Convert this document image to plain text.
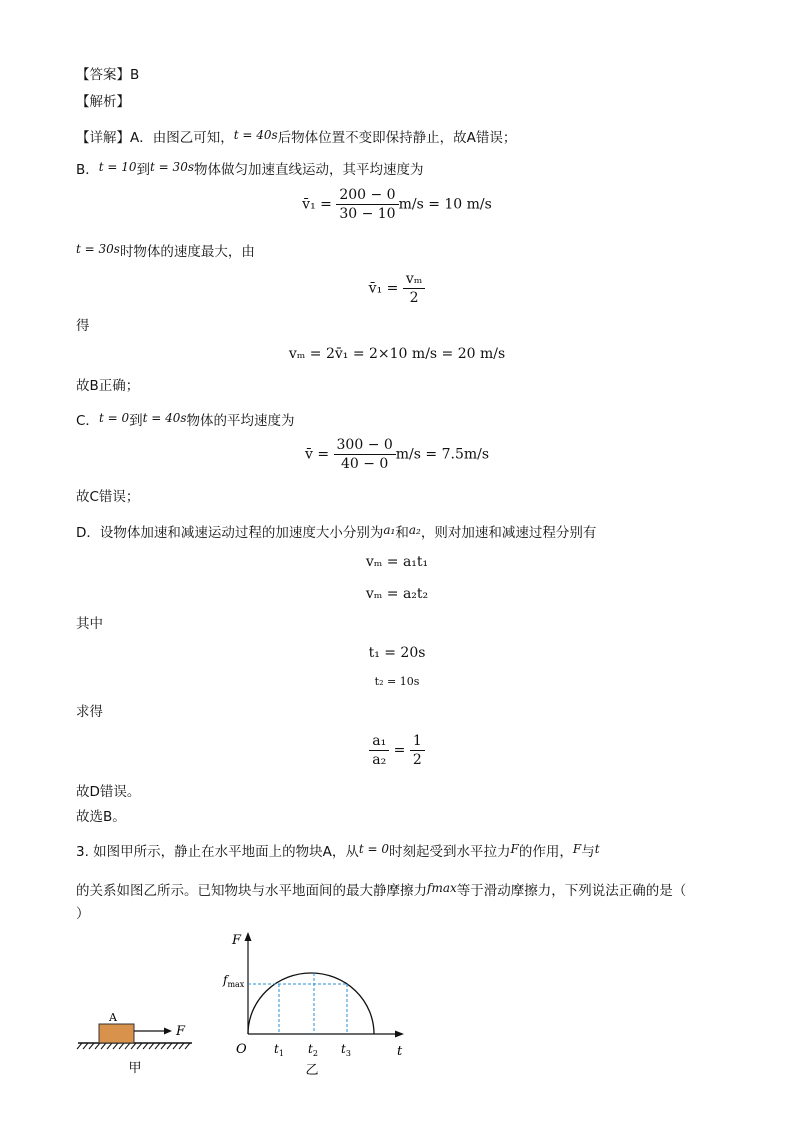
【答案】B
【解析】
【详解】A．由图乙可知，t = 40s后物体位置不变即保持静止，故A错误；
B．t = 10到t = 30s物体做匀加速直线运动，其平均速度为
v̄₁ = $\frac{200 - 0}{30 - 10} m/s = 10$ m/s
t = 30s时物体的速度最大，由
v̄₁ = $\frac{\text{vₘ}}{2}$
得
vₘ = 2v̄₁ = 2×10 m/s = 20 m/s
故B正确；
C．t = 0到t = 40s物体的平均速度为
v̄ = $\frac{300 - 0}{40 - 0} m/s = 7.5m/s$
故C错误；
D．设物体加速和减速运动过程的加速度大小分别为a₁和a₂，则对加速和减速过程分别有
vₘ = a₁t₁
vₘ = a₂t₂
其中
t₁ = 20s
t₂ = 10s
求得
$\frac{\text{a₁}}{\text{a₂}} = \frac{1}{2}$
故D错误。
故选B。
3. 如图甲所示，静止在水平地面上的物块A，从t = 0时刻起受到水平拉力F的作用，F与t
的关系如图乙所示。已知物块与水平地面间的最大静摩擦力fmax等于滑动摩擦力，下列说法正确的是（
）
A
F
甲
F
t
O
$f_{max}$
$t_1$ $t_2$ $t_3$
乙
